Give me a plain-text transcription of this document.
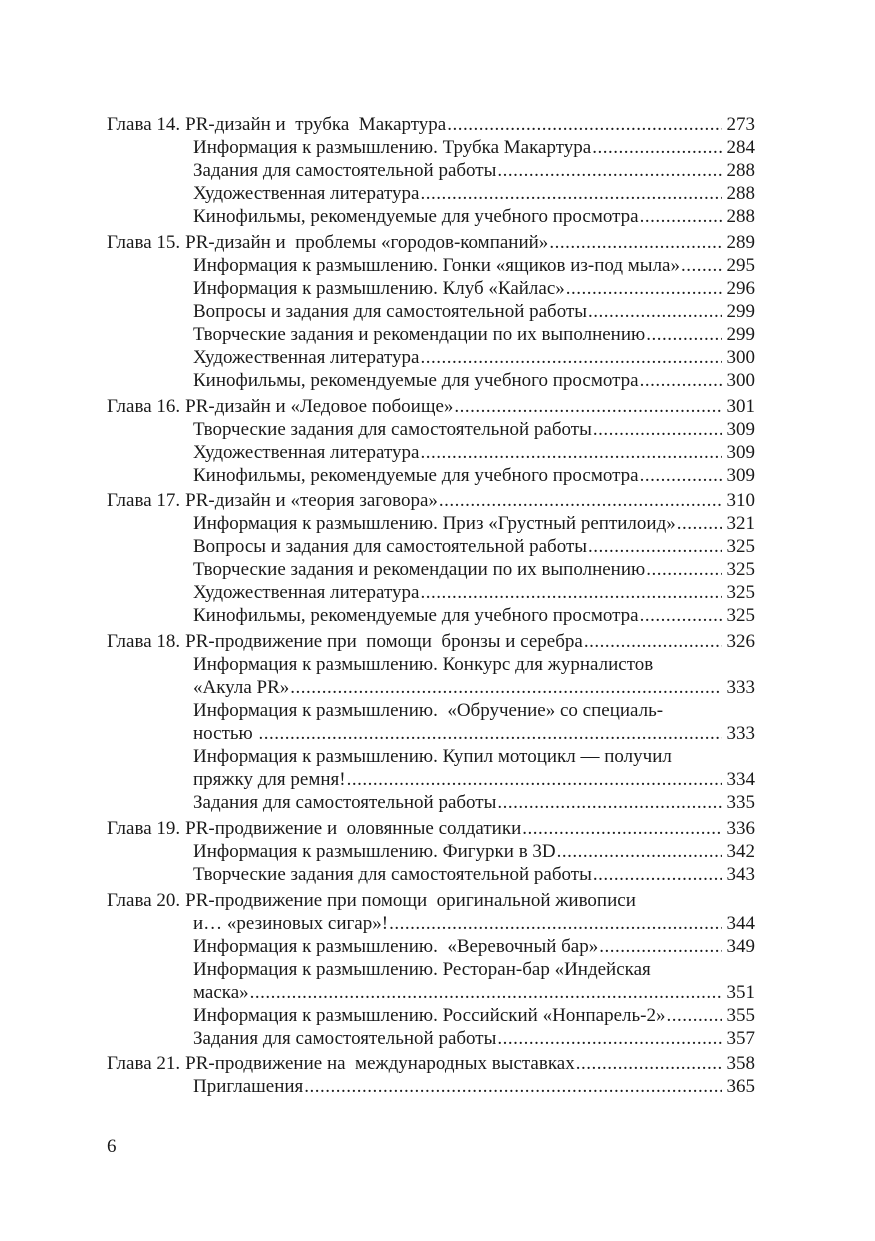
Глава 14. PR-дизайн и  трубка  Макартура .....	273
Информация к размышлению. Трубка Макартура .....	284
Задания для самостоятельной работы .....	288
Художественная литература .....	288
Кинофильмы, рекомендуемые для учебного просмотра .....	288
Глава 15. PR-дизайн и  проблемы «городов-компаний» .....	289
Информация к размышлению. Гонки «ящиков из-под мыла» ..... 295
Информация к размышлению. Клуб «Кайлас» .....	296
Вопросы и задания для самостоятельной работы .....	299
Творческие задания и рекомендации по их выполнению .....	299
Художественная литература .....	300
Кинофильмы, рекомендуемые для учебного просмотра .....	300
Глава 16. PR-дизайн и «Ледовое побоище» .....	301
Творческие задания для самостоятельной работы .....	309
Художественная литература .....	309
Кинофильмы, рекомендуемые для учебного просмотра .....	309
Глава 17. PR-дизайн и «теория заговора» .....	310
Информация к размышлению. Приз «Грустный рептилоид» .....	321
Вопросы и задания для самостоятельной работы .....	325
Творческие задания и рекомендации по их выполнению .....	325
Художественная литература .....	325
Кинофильмы, рекомендуемые для учебного просмотра .....	325
Глава 18. PR-продвижение при  помощи  бронзы и серебра .....	326
Информация к размышлению. Конкурс для журналистов
«Акула PR» .....	333
Информация к размышлению.  «Обручение» со специаль-
ностью .....	333
Информация к размышлению. Купил мотоцикл — получил
пряжку для ремня! .....	334
Задания для самостоятельной работы .....	335
Глава 19. PR-продвижение и  оловянные солдатики .....	336
Информация к размышлению. Фигурки в 3D .....	342
Творческие задания для самостоятельной работы .....	343
Глава 20. PR-продвижение при помощи  оригинальной живописи
и… «резиновых сигар»! .....	344
Информация к размышлению.  «Веревочный бар» .....	349
Информация к размышлению. Ресторан-бар «Индейская
маска» .....	351
Информация к размышлению. Российский «Нонпарель-2» .....	355
Задания для самостоятельной работы .....	357
Глава 21. PR-продвижение на  международных выставках .....	358
Приглашения .....	365
6
